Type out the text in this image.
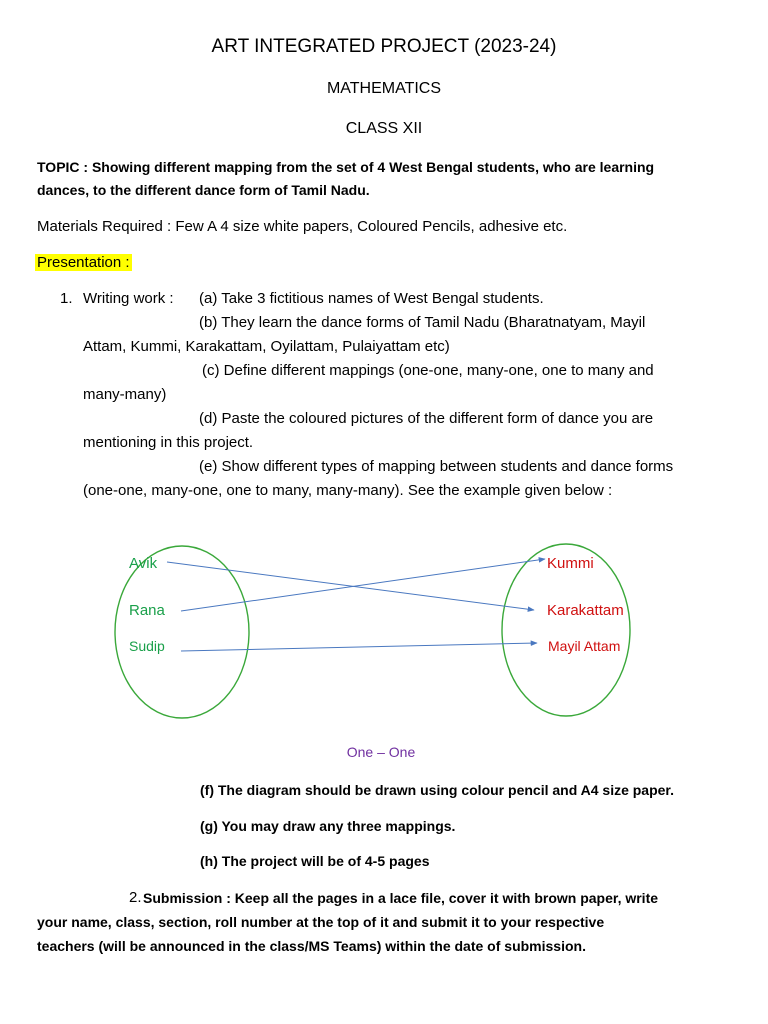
ART INTEGRATED PROJECT (2023-24)
MATHEMATICS
CLASS XII
TOPIC : Showing different mapping from the set of 4 West Bengal students, who are learning
dances, to the different dance form of Tamil Nadu.
Materials Required : Few A 4 size white papers, Coloured Pencils, adhesive etc.
Presentation :
1. Writing work : (a) Take 3 fictitious names of West Bengal students.
(b) They learn the dance forms of Tamil Nadu (Bharatnatyam, Mayil
Attam, Kummi, Karakattam, Oyilattam, Pulaiyattam etc)
(c) Define different mappings (one-one, many-one, one to many and
many-many)
(d) Paste the coloured pictures of the different form of dance you are
mentioning in this project.
(e) Show different types of mapping between students and dance forms
(one-one, many-one, one to many, many-many). See the example given below :
Avik
Rana
Sudip
Kummi
Karakattam
Mayil Attam
One – One
(f) The diagram should be drawn using colour pencil and A4 size paper.
(g) You may draw any three mappings.
(h) The project will be of 4-5 pages
2. Submission : Keep all the pages in a lace file, cover it with brown paper, write
your name, class, section, roll number at the top of it and submit it to your respective
teachers (will be announced in the class/MS Teams) within the date of submission.
